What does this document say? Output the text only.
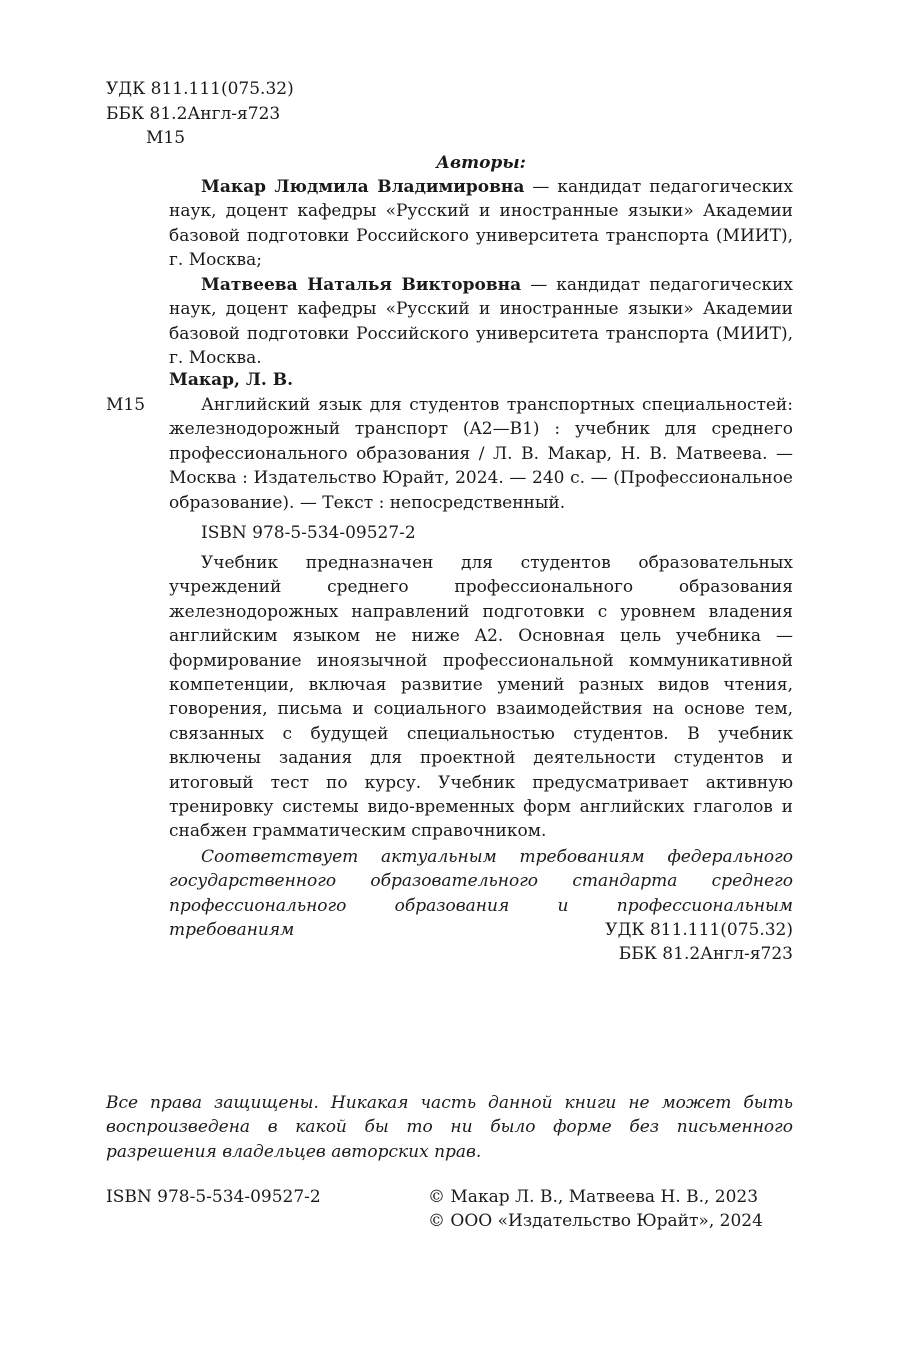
УДК 811.111(075.32)
ББК 81.2Англ-я723
М15
Авторы:
Макар Людмила Владимировна — кандидат педагогических наук, доцент кафедры «Русский и иностранные языки» Академии базовой подготовки Российского университета транспорта (МИИТ), г. Москва;
Матвеева Наталья Викторовна — кандидат педагогических наук, доцент кафедры «Русский и иностранные языки» Академии базовой подготовки Российского университета транспорта (МИИТ), г. Москва.
Макар, Л. В.
М15	Английский язык для студентов транспортных специальностей: железнодорожный транспорт (A2—B1) : учебник для среднего профессионального образования / Л. В. Макар, Н. В. Матвеева. — Москва : Издательство Юрайт, 2024. — 240 с. — (Профессиональное образование). — Текст : непосредственный.
ISBN 978-5-534-09527-2
Учебник предназначен для студентов образовательных учреждений среднего профессионального образования железнодорожных направлений подготовки с уровнем владения английским языком не ниже A2. Основная цель учебника — формирование иноязычной профессиональной коммуникативной компетенции, включая развитие умений разных видов чтения, говорения, письма и социального взаимодействия на основе тем, связанных с будущей специальностью студентов. В учебник включены задания для проектной деятельности студентов и итоговый тест по курсу. Учебник предусматривает активную тренировку системы видо-временных форм английских глаголов и снабжен грамматическим справочником.
Соответствует актуальным требованиям федерального государственного образовательного стандарта среднего профессионального образования и профессиональным требованиям	УДК 811.111(075.32)
ББК 81.2Англ-я723
Все права защищены. Никакая часть данной книги не может быть воспроизведена в какой бы то ни было форме без письменного разрешения владельцев авторских прав.
ISBN 978-5-534-09527-2	© Макар Л. В., Матвеева Н. В., 2023
© ООО «Издательство Юрайт», 2024
